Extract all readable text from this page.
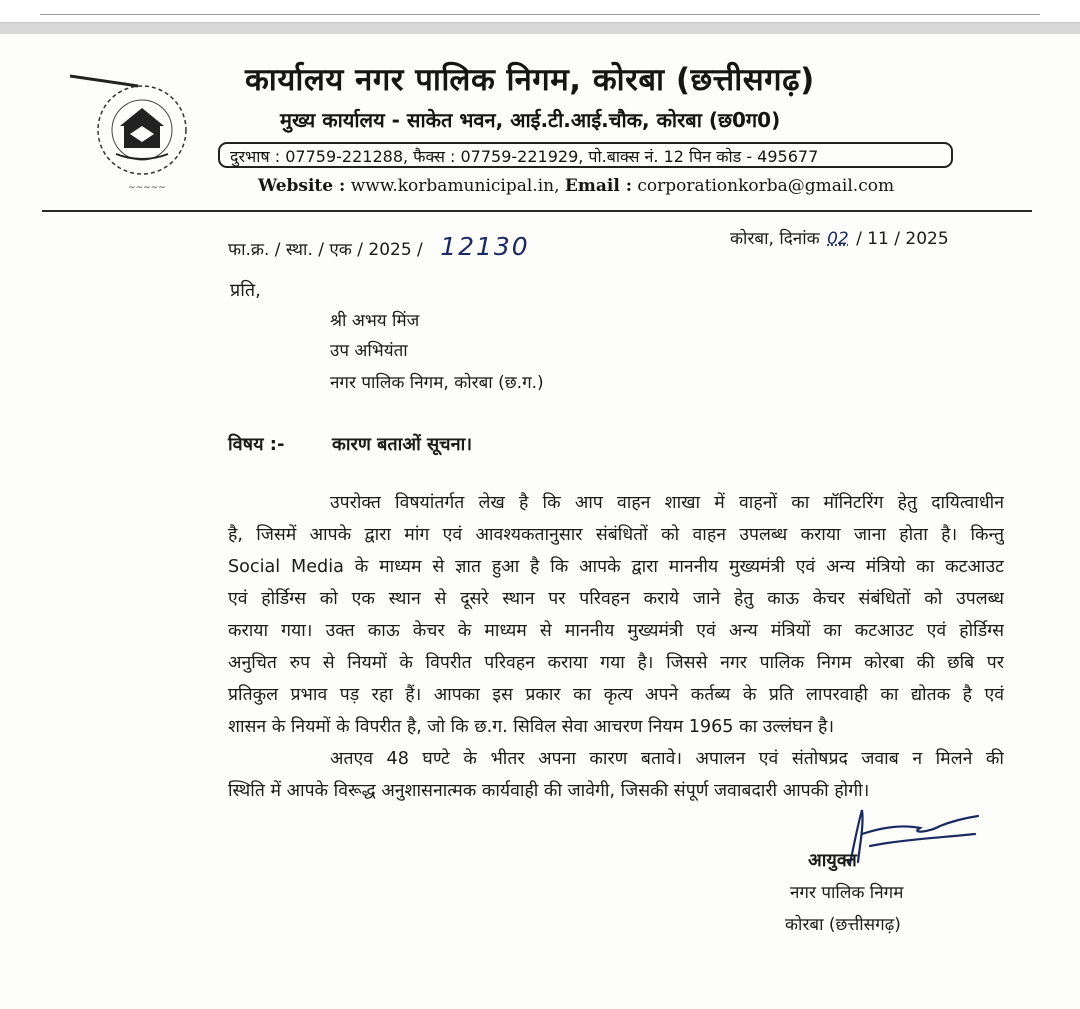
~~~~~
कार्यालय नगर पालिक निगम, कोरबा (छत्तीसगढ़)
मुख्य कार्यालय - साकेत भवन, आई.टी.आई.चौक, कोरबा (छ0ग0)
दुरभाष : 07759-221288, फैक्स : 07759-221929, पो.बाक्स नं. 12 पिन कोड - 495677
Website : www.korbamunicipal.in, Email : corporationkorba@gmail.com
फा.क्र. / स्था. / एक / 2025 / 12130	कोरबा, दिनांक 02 / 11 / 2025
प्रति,
श्री अभय मिंज
उप अभियंता
नगर पालिक निगम, कोरबा (छ.ग.)
विषय :-	कारण बताओं सूचना।
उपरोक्त विषयांतर्गत लेख है कि आप वाहन शाखा में वाहनों का मॉनिटरिंग हेतु दायित्वाधीन
है, जिसमें आपके द्वारा मांग एवं आवश्यकतानुसार संबंधितों को वाहन उपलब्ध कराया जाना होता है। किन्तु
Social Media के माध्यम से ज्ञात हुआ है कि आपके द्वारा माननीय मुख्यमंत्री एवं अन्य मंत्रियो का कटआउट
एवं होर्डिग्स को एक स्थान से दूसरे स्थान पर परिवहन कराये जाने हेतु काऊ केचर संबंधितों को उपलब्ध
कराया गया। उक्त काऊ केचर के माध्यम से माननीय मुख्यमंत्री एवं अन्य मंत्रियों का कटआउट एवं होर्डिग्स
अनुचित रुप से नियमों के विपरीत परिवहन कराया गया है। जिससे नगर पालिक निगम कोरबा की छबि पर
प्रतिकुल प्रभाव पड़ रहा हैं। आपका इस प्रकार का कृत्य अपने कर्तब्य के प्रति लापरवाही का द्योतक है एवं
शासन के नियमों के विपरीत है, जो कि छ.ग. सिविल सेवा आचरण नियम 1965 का उल्लंघन है।
अतएव 48 घण्टे के भीतर अपना कारण बतावे। अपालन एवं संतोषप्रद जवाब न मिलने की
स्थिति में आपके विरूद्ध अनुशासनात्मक कार्यवाही की जावेगी, जिसकी संपूर्ण जवाबदारी आपकी होगी।
आयुक्त
नगर पालिक निगम
कोरबा (छत्तीसगढ़)
